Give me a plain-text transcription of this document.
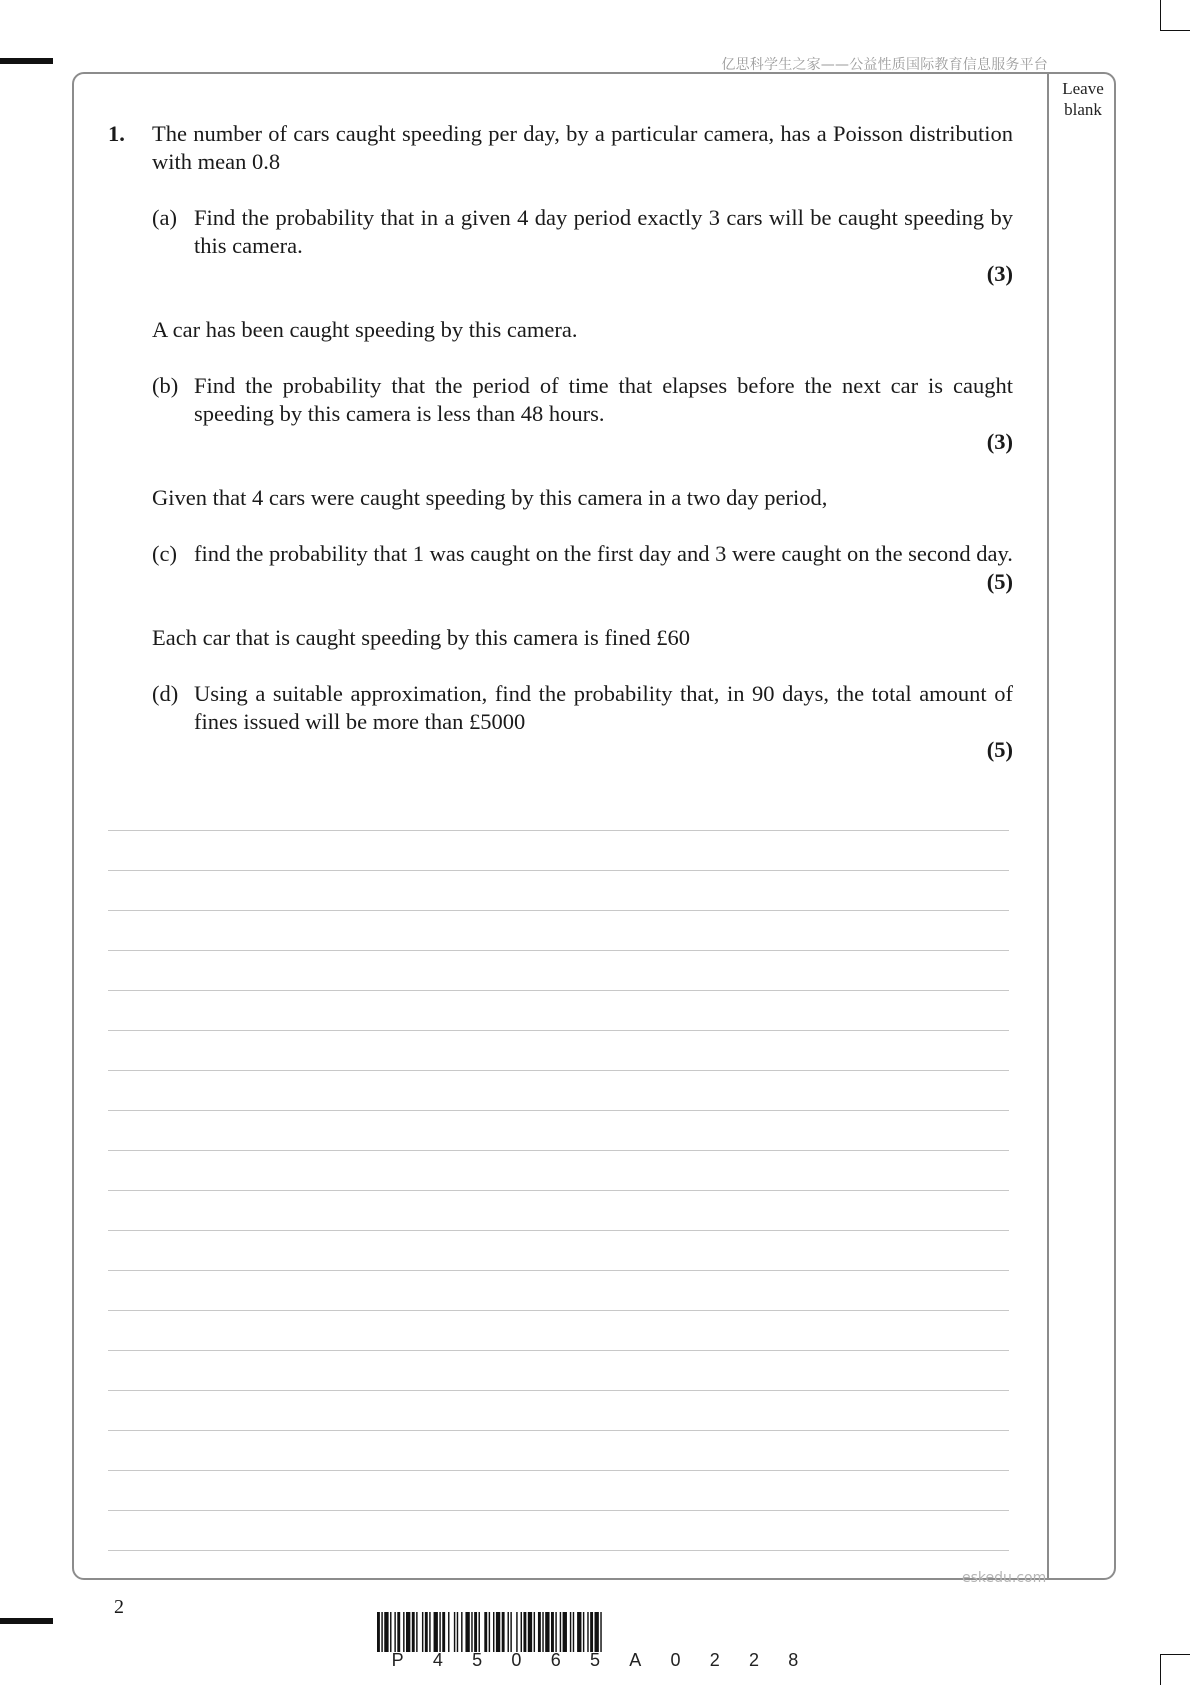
亿思科学生之家——公益性质国际教育信息服务平台
Leave
blank
1.	The number of cars caught speeding per day, by a particular camera, has a Poisson distribution with mean 0.8
(a) Find the probability that in a given 4 day period exactly 3 cars will be caught speeding by this camera.
(3)
A car has been caught speeding by this camera.
(b) Find the probability that the period of time that elapses before the next car is caught speeding by this camera is less than 48 hours.
(3)
Given that 4 cars were caught speeding by this camera in a two day period,
(c) find the probability that 1 was caught on the first day and 3 were caught on the second day.
(5)
Each car that is caught speeding by this camera is fined £60
(d) Using a suitable approximation, find the probability that, in 90 days, the total amount of fines issued will be more than £5000
(5)
eskedu.com
2
P 4 5 0 6 5 A 0 2 2 8
